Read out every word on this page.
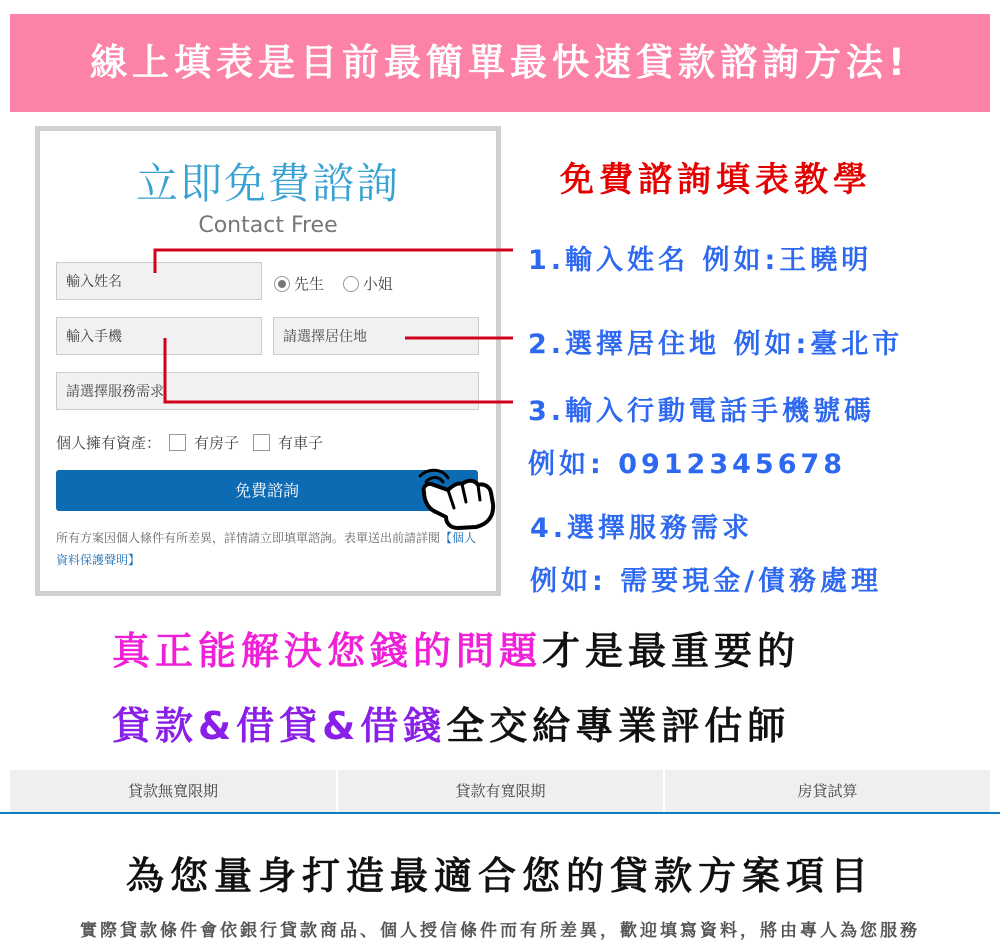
線上填表是目前最簡單最快速貸款諮詢方法!
立即免費諮詢
Contact Free
輸入姓名	先生	小姐
輸入手機	請選擇居住地
請選擇服務需求
個人擁有資產： 有房子	有車子
免費諮詢
所有方案因個人條件有所差異，詳情請立即填單諮詢。表單送出前請詳閱【個人資料保護聲明】
免費諮詢填表教學
1.輸入姓名 例如:王曉明
2.選擇居住地 例如:臺北市
3.輸入行動電話手機號碼
例如: 0912345678
4.選擇服務需求
例如: 需要現金/債務處理
真正能解決您錢的問題才是最重要的
貸款&借貸&借錢全交給專業評估師
貸款無寬限期	貸款有寬限期	房貸試算
為您量身打造最適合您的貸款方案項目
實際貸款條件會依銀行貸款商品、個人授信條件而有所差異，歡迎填寫資料，將由專人為您服務
